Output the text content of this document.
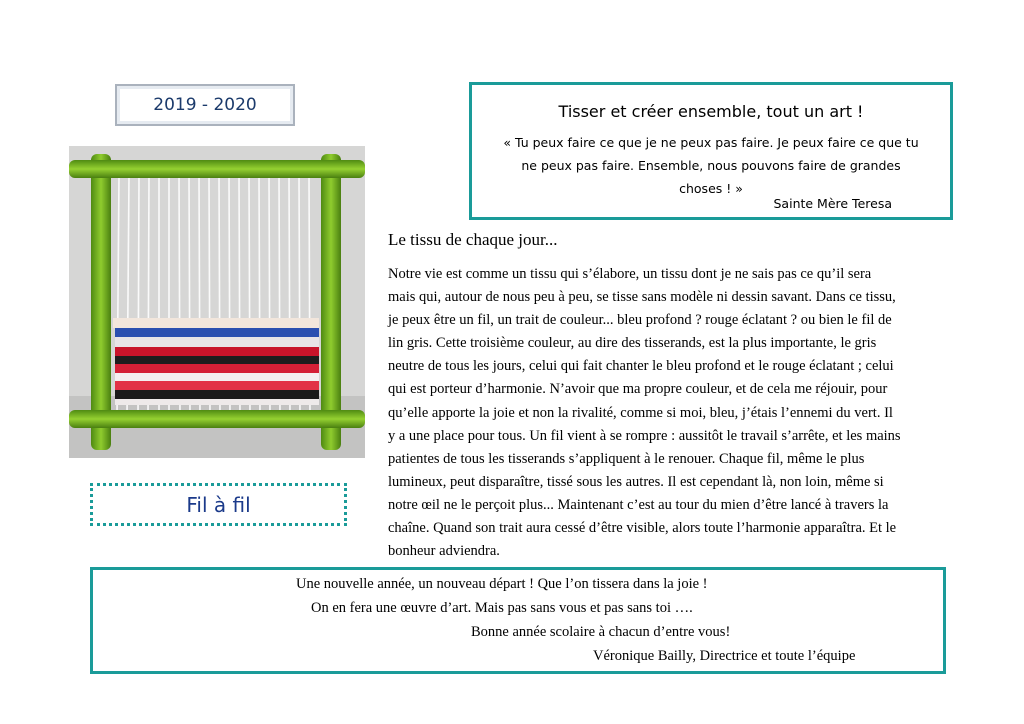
2019 - 2020	Tisser et créer ensemble, tout un art !
« Tu peux faire ce que je ne peux pas faire. Je peux faire ce que tu
ne peux pas faire. Ensemble, nous pouvons faire de grandes
choses ! »
Sainte Mère Teresa
Fil à fil
Le tissu de chaque jour...
Notre vie est comme un tissu qui s’élabore, un tissu dont je ne sais pas ce qu’il sera
mais qui, autour de nous peu à peu, se tisse sans modèle ni dessin savant. Dans ce tissu,
je peux être un fil, un trait de couleur... bleu profond ? rouge éclatant ? ou bien le fil de
lin gris. Cette troisième couleur, au dire des tisserands, est la plus importante, le gris
neutre de tous les jours, celui qui fait chanter le bleu profond et le rouge éclatant ; celui
qui est porteur d’harmonie. N’avoir que ma propre couleur, et de cela me réjouir, pour
qu’elle apporte la joie et non la rivalité, comme si moi, bleu, j’étais l’ennemi du vert. Il
y a une place pour tous. Un fil vient à se rompre : aussitôt le travail s’arrête, et les mains
patientes de tous les tisserands s’appliquent à le renouer. Chaque fil, même le plus
lumineux, peut disparaître, tissé sous les autres. Il est cependant là, non loin, même si
notre œil ne le perçoit plus... Maintenant c’est au tour du mien d’être lancé à travers la
chaîne. Quand son trait aura cessé d’être visible, alors toute l’harmonie apparaîtra. Et le
bonheur adviendra.
Une nouvelle année, un nouveau départ ! Que l’on tissera dans la joie !
On en fera une œuvre d’art. Mais pas sans vous et pas sans toi ….
Bonne année scolaire à chacun d’entre vous!
Véronique Bailly, Directrice et toute l’équipe
